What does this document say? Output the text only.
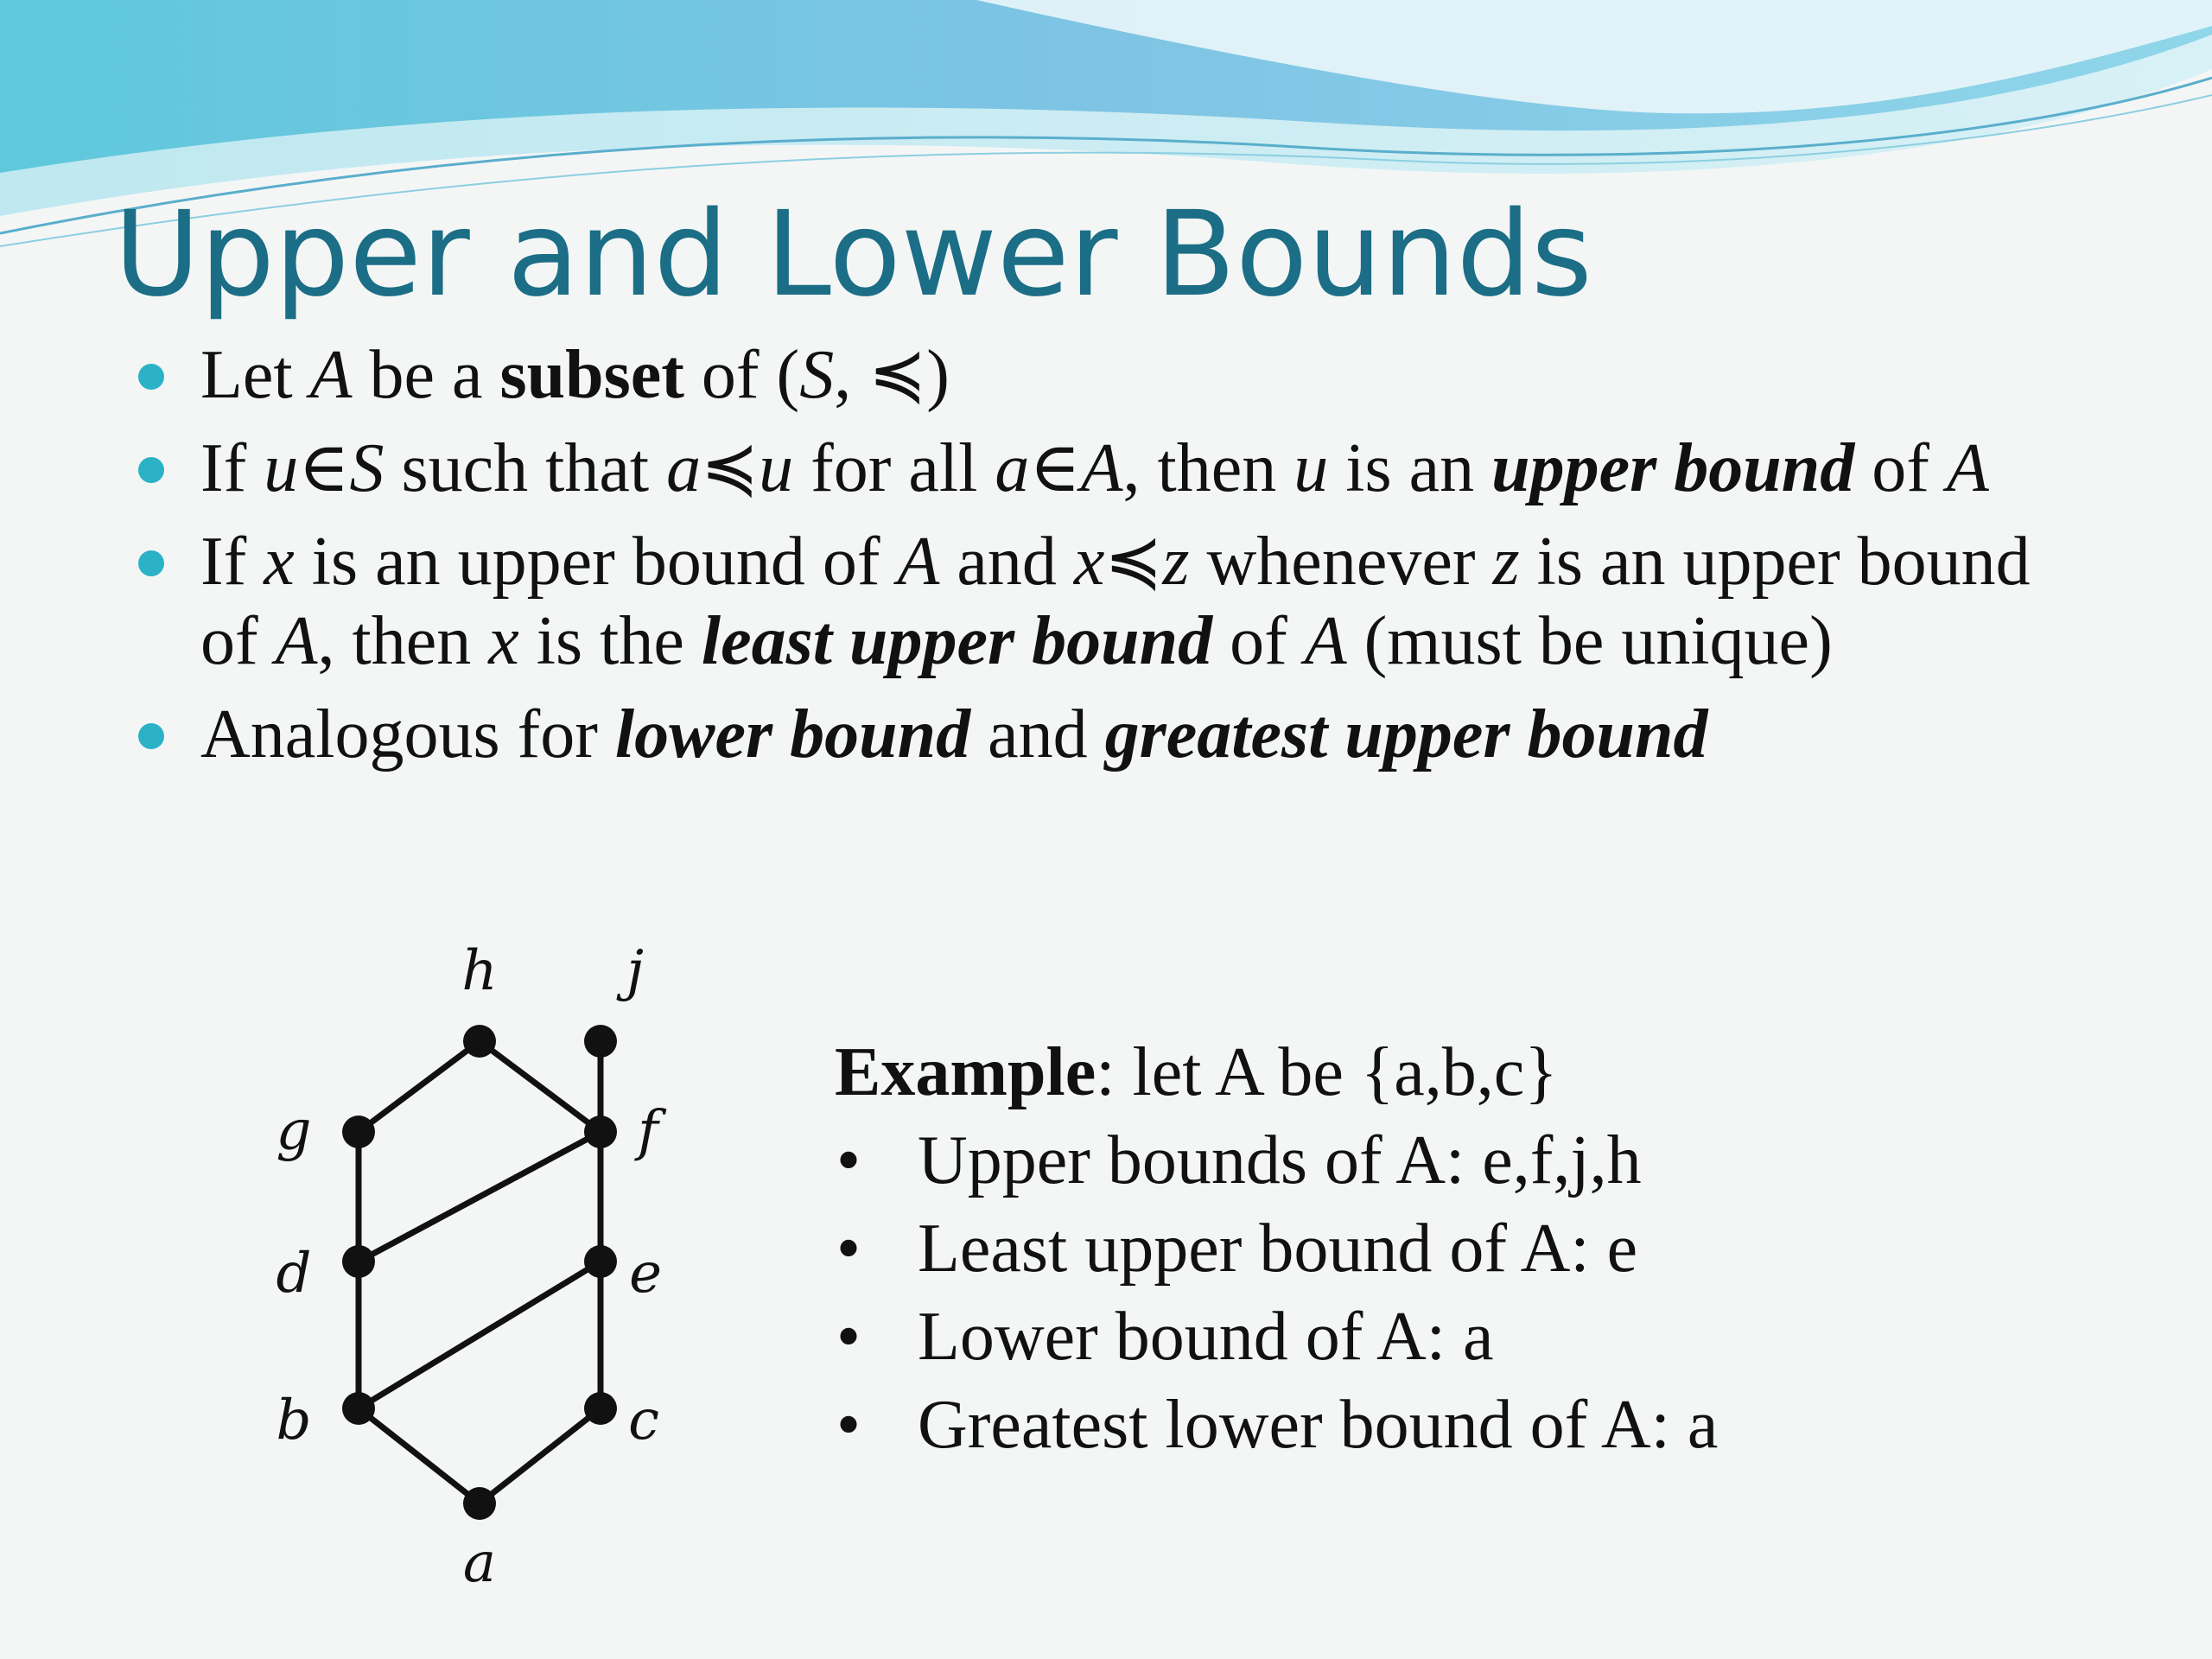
Upper and Lower Bounds
Let A be a subset of (S, ≼)
If u∈S such that a≼u for all a∈A, then u is an upper bound of A
If x is an upper bound of A and x≼z whenever z is an upper bound of A, then x is the least upper bound of A (must be unique)
Analogous for lower bound and greatest upper bound
a
b	c
d	e
f
g
h j
Example: let A be {a,b,c}
• Upper bounds of A: e,f,j,h
• Least upper bound of A: e
• Lower bound of A: a
• Greatest lower bound of A: a
